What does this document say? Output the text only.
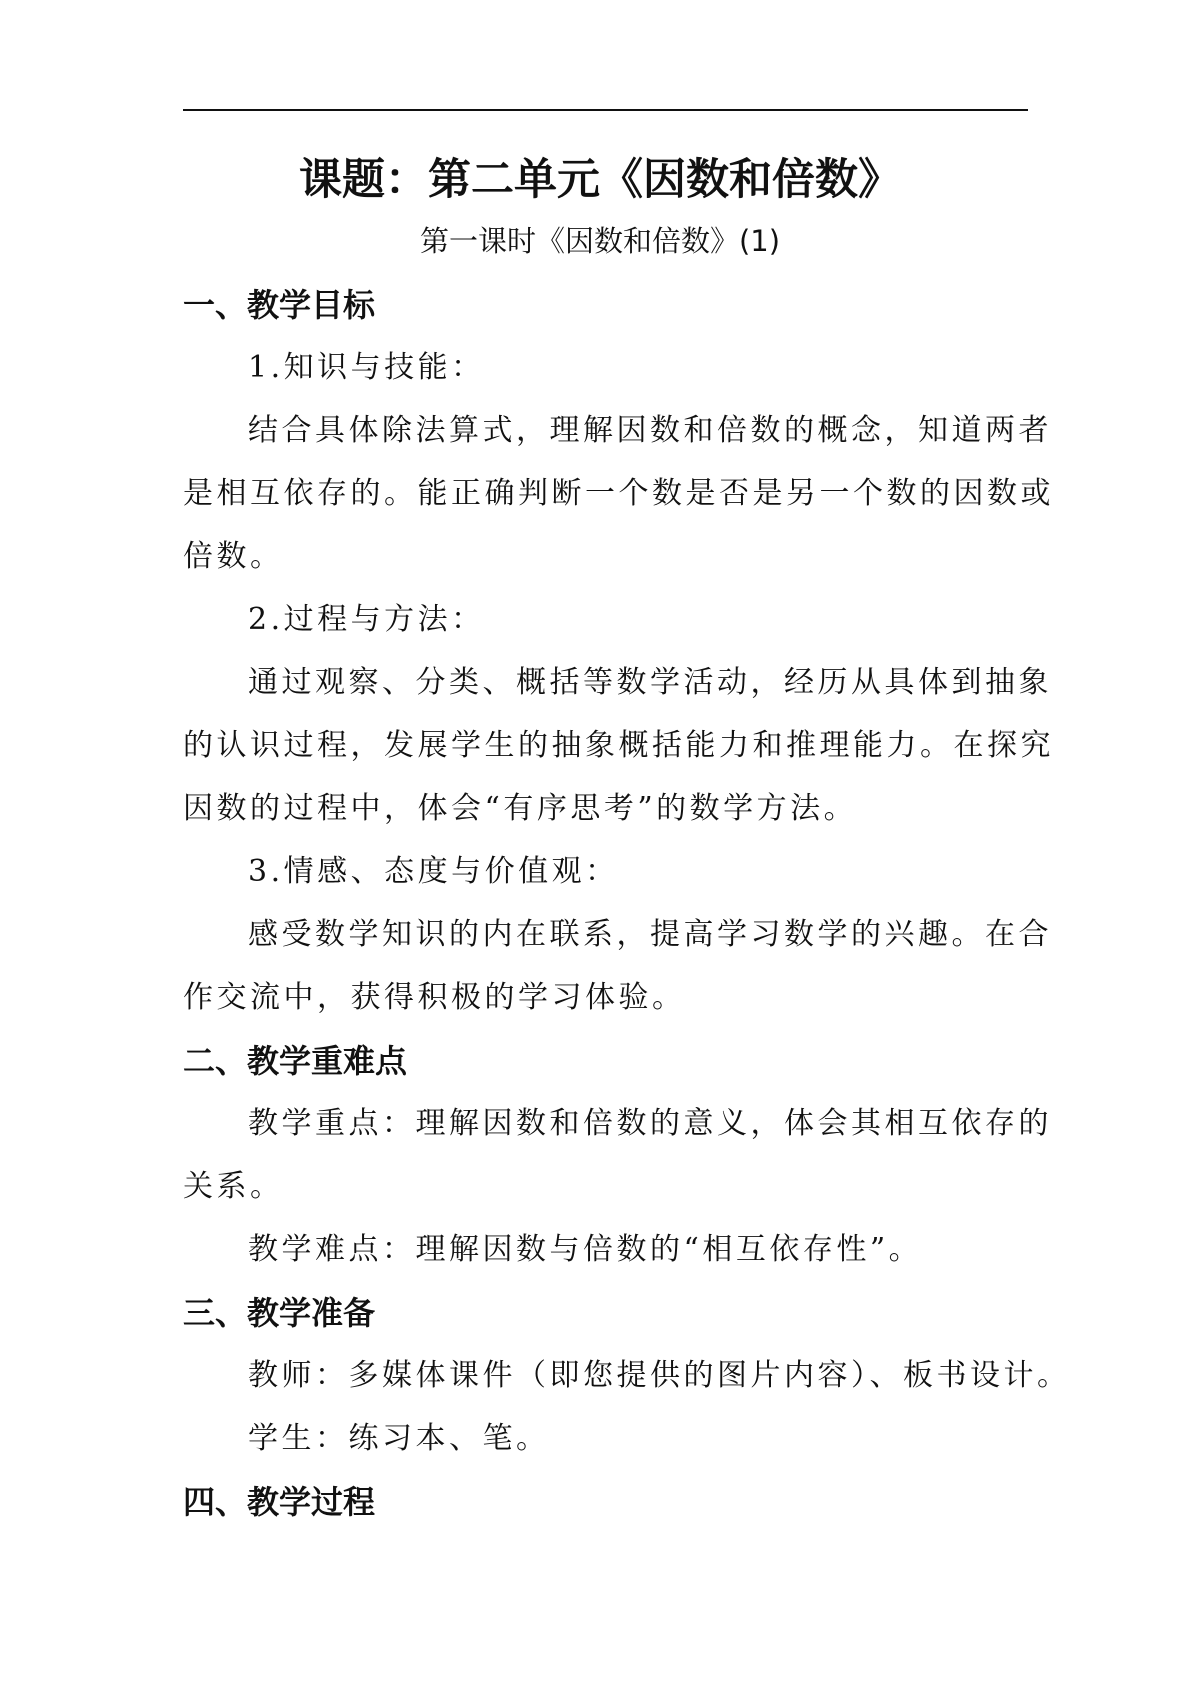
课题：第二单元《因数和倍数》
第一课时《因数和倍数》(1)
一、教学目标
1.知识与技能：
结合具体除法算式，理解因数和倍数的概念，知道两者
是相互依存的。能正确判断一个数是否是另一个数的因数或
倍数。
2.过程与方法：
通过观察、分类、概括等数学活动，经历从具体到抽象
的认识过程，发展学生的抽象概括能力和推理能力。在探究
因数的过程中，体会“有序思考”的数学方法。
3.情感、态度与价值观：
感受数学知识的内在联系，提高学习数学的兴趣。在合
作交流中，获得积极的学习体验。
二、教学重难点
教学重点：理解因数和倍数的意义，体会其相互依存的
关系。
教学难点：理解因数与倍数的“相互依存性”。
三、教学准备
教师：多媒体课件（即您提供的图片内容）、板书设计。
学生：练习本、笔。
四、教学过程
